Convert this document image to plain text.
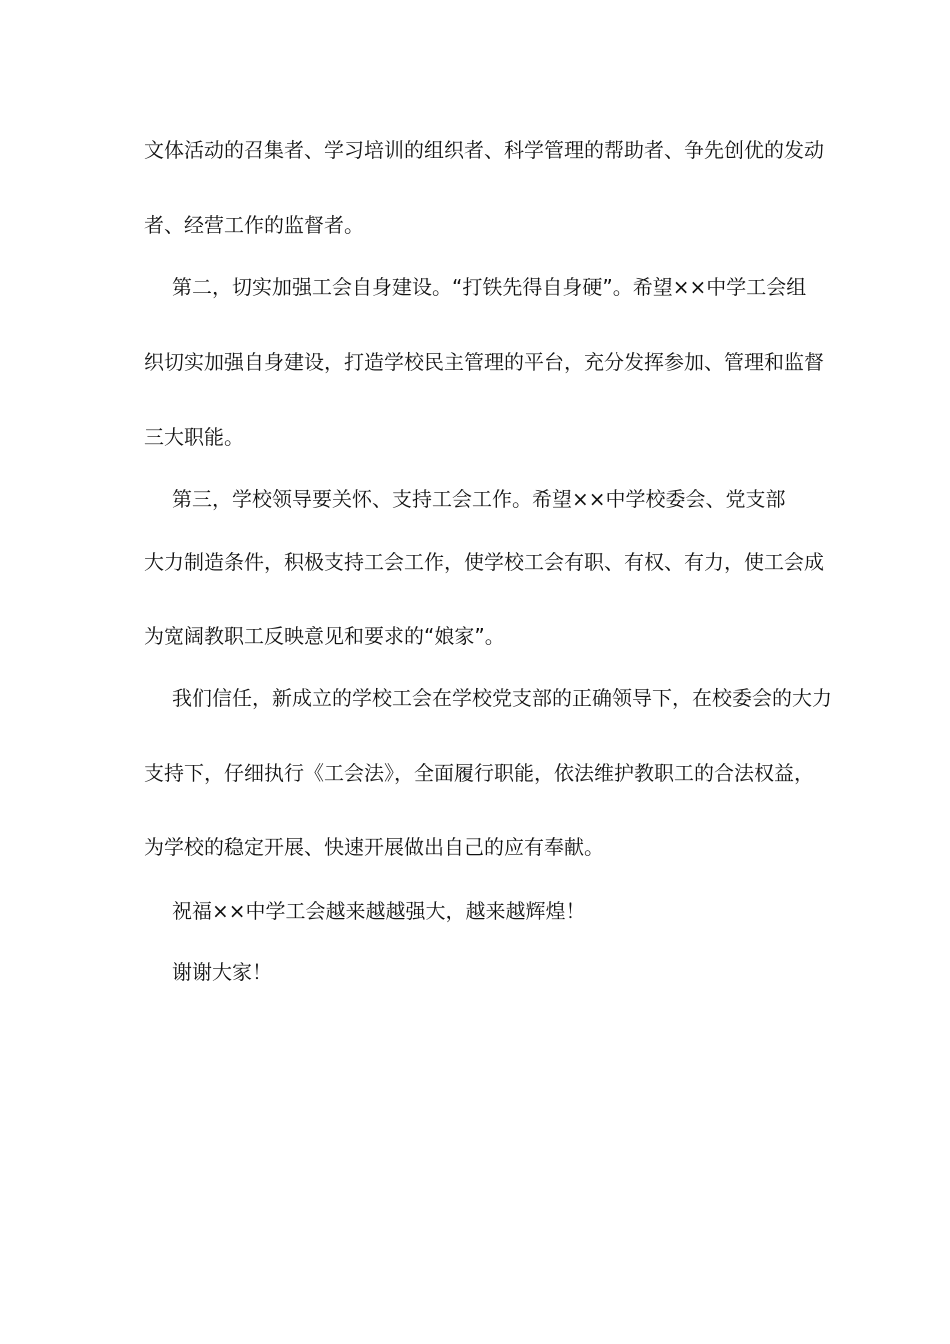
文体活动的召集者、学习培训的组织者、科学管理的帮助者、争先创优的发动
者、经营工作的监督者。
第二，切实加强工会自身建设。“打铁先得自身硬”。希望××中学工会组
织切实加强自身建设，打造学校民主管理的平台，充分发挥参加、管理和监督
三大职能。
第三，学校领导要关怀、支持工会工作。希望××中学校委会、党支部
大力制造条件，积极支持工会工作，使学校工会有职、有权、有力，使工会成
为宽阔教职工反映意见和要求的“娘家”。
我们信任，新成立的学校工会在学校党支部的正确领导下，在校委会的大力
支持下，仔细执行《工会法》，全面履行职能，依法维护教职工的合法权益，
为学校的稳定开展、快速开展做出自己的应有奉献。
祝福××中学工会越来越越强大，越来越辉煌！
谢谢大家！
